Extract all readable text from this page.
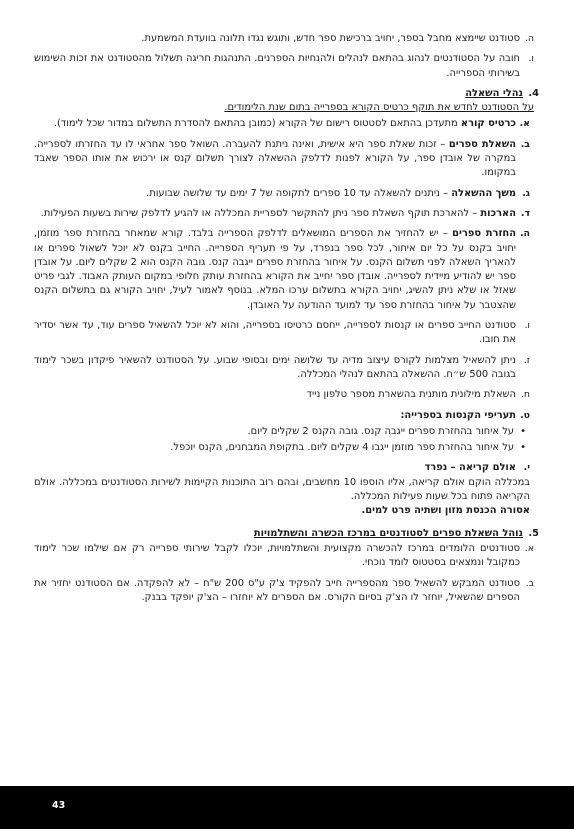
ה.
סטודנט שיימצא מחבל בספר, יחויב ברכישת ספר חדש, ותוגש נגדו תלונה בוועדת המשמעת.
ו.
חובה על הסטודנטים לנהוג בהתאם לנהלים ולהנחיות הספרנים. התנהגות חריגה תשלול מהסטודנט את זכות השימוש בשירותי הספרייה.
4.
נהלי השאלה
על הסטודנט לחדש את תוקף כרטיס הקורא בספרייה בתום שנת הלימודים.
א.
כרטיס קורא מתעדכן בהתאם לסטטוס רישום של הקורא (כמובן בהתאם להסדרת התשלום במדור שכל לימוד).
ב.
השאלת ספרים – זכות שאלת ספר היא אישית, ואינה ניתנת להעברה. השואל ספר אחראי לו עד החזרתו לספרייה. במקרה של אובדן ספר, על הקורא לפנות לדלפק ההשאלה לצורך תשלום קנס או ירכוש את אותו הספר שאבד במקומו.
ג.
משך ההשאלה – ניתנים להשאלה עד 10 ספרים לתקופה של 7 ימים עד שלושה שבועות.
ד.
הארכות – להארכת תוקף השאלת ספר ניתן להתקשר לספריית המכללה או להגיע לדלפק שירות בשעות הפעילות.
ה.
החזרת ספרים – יש להחזיר את הספרים המושאלים לדלפק הספרייה בלבד. קורא שמאחר בהחזרת ספר מוזמן, יחויב בקנס על כל יום איחור, לכל ספר בנפרד, על פי תעריף הספרייה. החייב בקנס לא יוכל לשאול ספרים או להאריך השאלה לפני תשלום הקנס. על איחור בהחזרת ספרים ייגבה קנס. גובה הקנס הוא 2 שקלים ליום. על אובדן ספר יש להודיע מיידית לספרייה. אובדן ספר יחייב את הקורא בהחזרת עותק חלופי במקום העותק האבוד. לגבי פריט שאזל או שלא ניתן להשיג, יחויב הקורא בתשלום ערכו המלא. בנוסף לאמור לעיל, יחויב הקורא גם בתשלום הקנס שהצטבר על איחור בהחזרת ספר עד למועד ההודעה על האובדן.
ו.
סטודנט החייב ספרים או קנסות לספרייה, ייחסם כרטיסו בספרייה, והוא לא יוכל להשאיל ספרים עוד, עד אשר יסדיר את חובו.
ז.
ניתן להשאיל מצלמות לקורס עיצוב מדיה עד שלושה ימים ובסופי שבוע. על הסטודנט להשאיר פיקדון בשכר לימוד בגובה 500 ש״ח. ההשאלה בהתאם לנהלי המכללה.
ח.
השאלת מילונית מותנית בהשארת מספר טלפון נייד
ט.
תעריפי הקנסות בספרייה:
•
על איחור בהחזרת ספרים ייגבה קנס. גובה הקנס 2 שקלים ליום.
•
על איחור בהחזרת ספר מוזמן ייגבו 4 שקלים ליום. בתקופת המבחנים, הקנס יוכפל.
י.
אולם קריאה – נפרד
במכללה הוקם אולם קריאה, אליו הוספו 10 מחשבים, ובהם רוב התוכנות הקיימות לשירות הסטודנטים במכללה. אולם הקריאה פתוח בכל שעות פעילות המכללה.
אסורה הכנסת מזון ושתיה פרט למים.
5.
נוהל השאלת ספרים לסטודנטים במרכז הכשרה והשתלמויות
א.
סטודנטים הלומדים במרכז להכשרה מקצועית והשתלמויות, יוכלו לקבל שירותי ספרייה רק אם שילמו שכר לימוד כמקובל ונמצאים בסטטוס לומד נוכחי.
ב.
סטודנט המבקש להשאיל ספר מהספרייה חייב להפקיד צ'ק ע"ס 200 ש"ח – לא להפקדה. אם הסטודנט יחזיר את הספרים שהשאיל, יוחזר לו הצ'ק בסיום הקורס. אם הספרים לא יוחזרו – הצ'ק יופקד בבנק.
43
